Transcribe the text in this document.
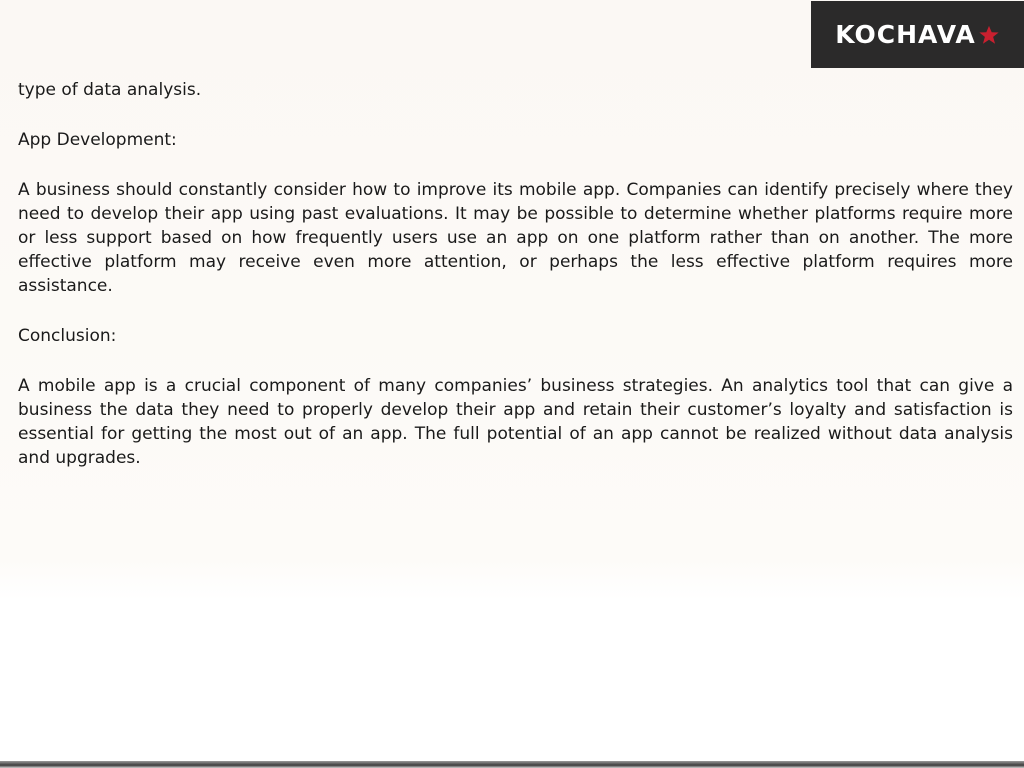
KOCHAVA

type of data analysis.

App Development:

A business should constantly consider how to improve its mobile app. Companies can identify precisely where they need to develop their app using past evaluations. It may be possible to determine whether platforms require more or less support based on how frequently users use an app on one platform rather than on another. The more effective platform may receive even more attention, or perhaps the less effective platform requires more assistance.

Conclusion:

A mobile app is a crucial component of many companies’ business strategies. An analytics tool that can give a business the data they need to properly develop their app and retain their customer’s loyalty and satisfaction is essential for getting the most out of an app. The full potential of an app cannot be realized without data analysis and upgrades.
